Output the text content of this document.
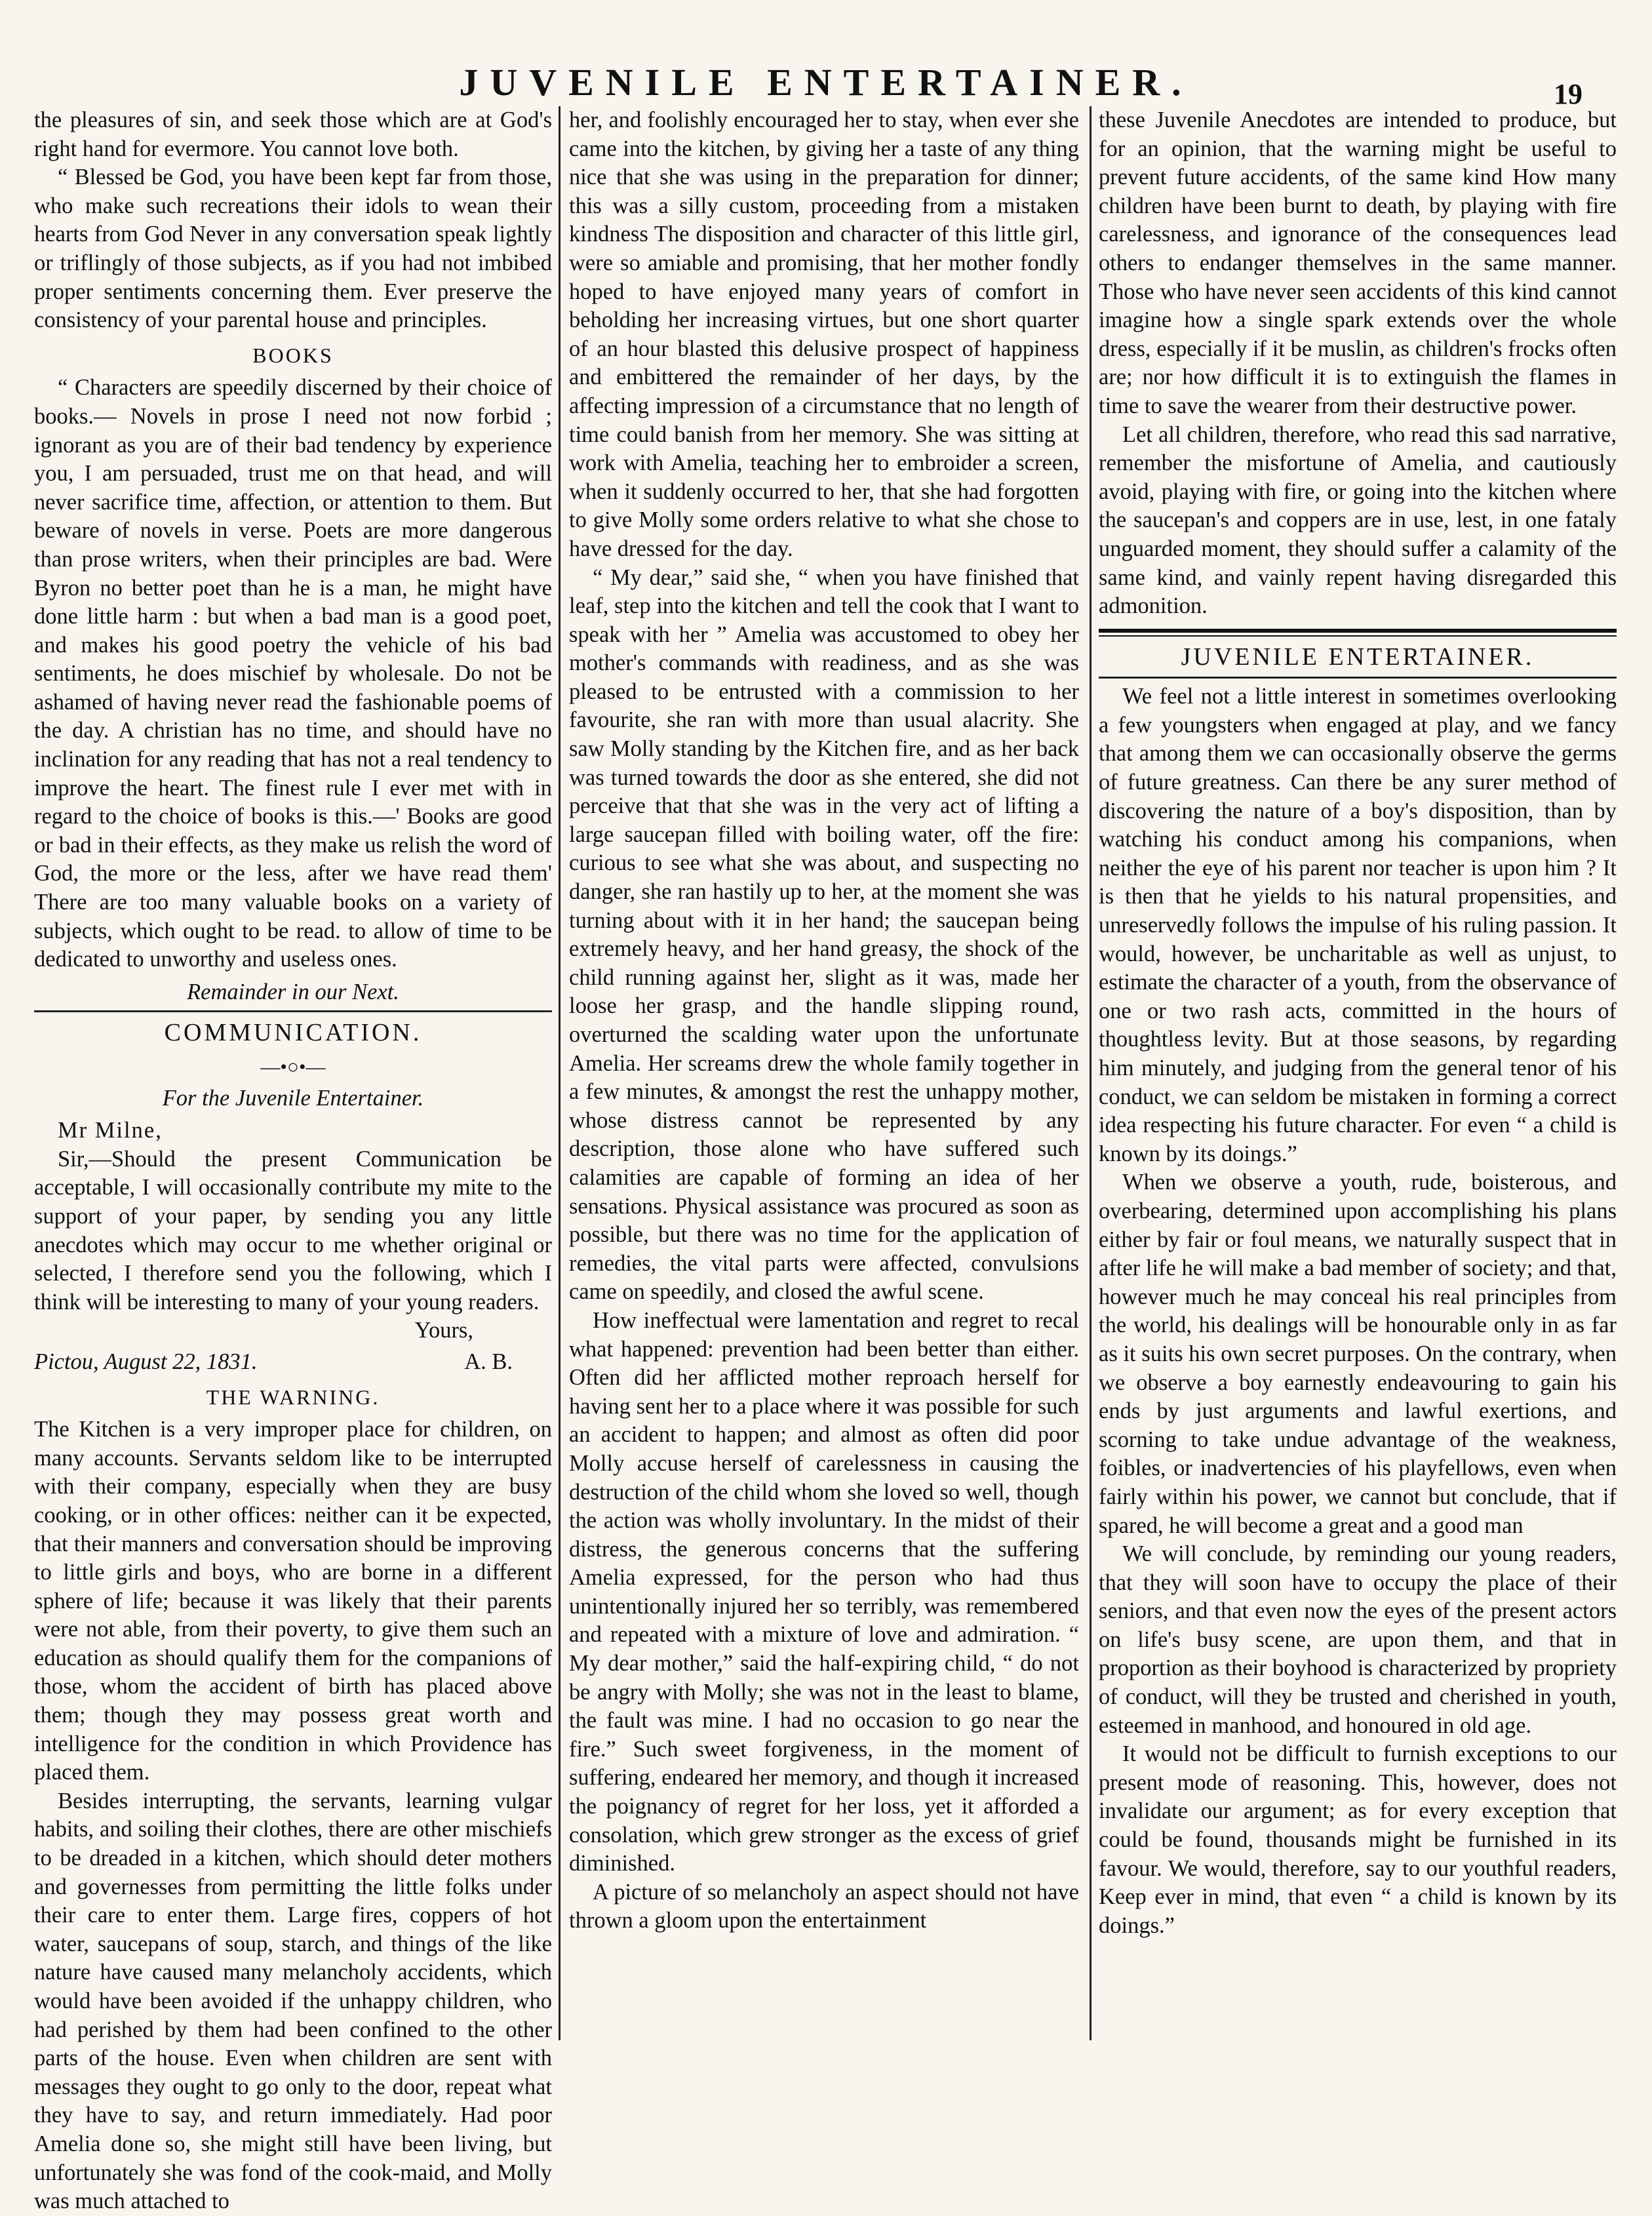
JUVENILE ENTERTAINER.	19

the pleasures of sin, and seek those which are at God's right hand for evermore. You cannot love both.

“ Blessed be God, you have been kept far from those, who make such recreations their idols to wean their hearts from God Never in any conversation speak lightly or triflingly of those subjects, as if you had not imbibed proper sentiments concerning them. Ever preserve the consistency of your parental house and principles.

BOOKS

“ Characters are speedily discerned by their choice of books.— Novels in prose I need not now forbid ; ignorant as you are of their bad tendency by experience you, I am persuaded, trust me on that head, and will never sacrifice time, affection, or attention to them. But beware of novels in verse. Poets are more dangerous than prose writers, when their principles are bad. Were Byron no better poet than he is a man, he might have done little harm : but when a bad man is a good poet, and makes his good poetry the vehicle of his bad sentiments, he does mischief by wholesale. Do not be ashamed of having never read the fashionable poems of the day. A christian has no time, and should have no inclination for any reading that has not a real tendency to improve the heart. The finest rule I ever met with in regard to the choice of books is this.—' Books are good or bad in their effects, as they make us relish the word of God, the more or the less, after we have read them' There are too many valuable books on a variety of subjects, which ought to be read. to allow of time to be dedicated to unworthy and useless ones.

Remainder in our Next.
COMMUNICATION.
—•○•—
For the Juvenile Entertainer.

Mr Milne,

Sir,—Should the present Communication be acceptable, I will occasionally contribute my mite to the support of your paper, by sending you any little anecdotes which may occur to me whether original or selected, I therefore send you the following, which I think will be interesting to many of your young readers.

Yours,

Pictou, August 22, 1831.	A. B.
THE WARNING.

The Kitchen is a very improper place for children, on many accounts. Servants seldom like to be interrupted with their company, especially when they are busy cooking, or in other offices: neither can it be expected, that their manners and conversation should be improving to little girls and boys, who are borne in a different sphere of life; because it was likely that their parents were not able, from their poverty, to give them such an education as should qualify them for the companions of those, whom the accident of birth has placed above them; though they may possess great worth and intelligence for the condition in which Providence has placed them.

Besides interrupting, the servants, learning vulgar habits, and soiling their clothes, there are other mischiefs to be dreaded in a kitchen, which should deter mothers and governesses from permitting the little folks under their care to enter them. Large fires, coppers of hot water, saucepans of soup, starch, and things of the like nature have caused many melancholy accidents, which would have been avoided if the unhappy children, who had perished by them had been confined to the other parts of the house. Even when children are sent with messages they ought to go only to the door, repeat what they have to say, and return immediately. Had poor Amelia done so, she might still have been living, but unfortunately she was fond of the cook-maid, and Molly was much attached to

her, and foolishly encouraged her to stay, when ever she came into the kitchen, by giving her a taste of any thing nice that she was using in the preparation for dinner; this was a silly custom, proceeding from a mistaken kindness The disposition and character of this little girl, were so amiable and promising, that her mother fondly hoped to have enjoyed many years of comfort in beholding her increasing virtues, but one short quarter of an hour blasted this delusive prospect of happiness and embittered the remainder of her days, by the affecting impression of a circumstance that no length of time could banish from her memory. She was sitting at work with Amelia, teaching her to embroider a screen, when it suddenly occurred to her, that she had forgotten to give Molly some orders relative to what she chose to have dressed for the day.

“ My dear,” said she, “ when you have finished that leaf, step into the kitchen and tell the cook that I want to speak with her ” Amelia was accustomed to obey her mother's commands with readiness, and as she was pleased to be entrusted with a commission to her favourite, she ran with more than usual alacrity. She saw Molly standing by the Kitchen fire, and as her back was turned towards the door as she entered, she did not perceive that that she was in the very act of lifting a large saucepan filled with boiling water, off the fire: curious to see what she was about, and suspecting no danger, she ran hastily up to her, at the moment she was turning about with it in her hand; the saucepan being extremely heavy, and her hand greasy, the shock of the child running against her, slight as it was, made her loose her grasp, and the handle slipping round, overturned the scalding water upon the unfortunate Amelia. Her screams drew the whole family together in a few minutes, & amongst the rest the unhappy mother, whose distress cannot be represented by any description, those alone who have suffered such calamities are capable of forming an idea of her sensations. Physical assistance was procured as soon as possible, but there was no time for the application of remedies, the vital parts were affected, convulsions came on speedily, and closed the awful scene.

How ineffectual were lamentation and regret to recal what happened: prevention had been better than either. Often did her afflicted mother reproach herself for having sent her to a place where it was possible for such an accident to happen; and almost as often did poor Molly accuse herself of carelessness in causing the destruction of the child whom she loved so well, though the action was wholly involuntary. In the midst of their distress, the generous concerns that the suffering Amelia expressed, for the person who had thus unintentionally injured her so terribly, was remembered and repeated with a mixture of love and admiration. “ My dear mother,” said the half-expiring child, “ do not be angry with Molly; she was not in the least to blame, the fault was mine. I had no occasion to go near the fire.” Such sweet forgiveness, in the moment of suffering, endeared her memory, and though it increased the poignancy of regret for her loss, yet it afforded a consolation, which grew stronger as the excess of grief diminished.

A picture of so melancholy an aspect should not have thrown a gloom upon the entertainment

these Juvenile Anecdotes are intended to produce, but for an opinion, that the warning might be useful to prevent future accidents, of the same kind How many children have been burnt to death, by playing with fire carelessness, and ignorance of the consequences lead others to endanger themselves in the same manner. Those who have never seen accidents of this kind cannot imagine how a single spark extends over the whole dress, especially if it be muslin, as children's frocks often are; nor how difficult it is to extinguish the flames in time to save the wearer from their destructive power.

Let all children, therefore, who read this sad narrative, remember the misfortune of Amelia, and cautiously avoid, playing with fire, or going into the kitchen where the saucepan's and coppers are in use, lest, in one fataly unguarded moment, they should suffer a calamity of the same kind, and vainly repent having disregarded this admonition.

JUVENILE ENTERTAINER.

We feel not a little interest in sometimes overlooking a few youngsters when engaged at play, and we fancy that among them we can occasionally observe the germs of future greatness. Can there be any surer method of discovering the nature of a boy's disposition, than by watching his conduct among his companions, when neither the eye of his parent nor teacher is upon him ? It is then that he yields to his natural propensities, and unreservedly follows the impulse of his ruling passion. It would, however, be uncharitable as well as unjust, to estimate the character of a youth, from the observance of one or two rash acts, committed in the hours of thoughtless levity. But at those seasons, by regarding him minutely, and judging from the general tenor of his conduct, we can seldom be mistaken in forming a correct idea respecting his future character. For even “ a child is known by its doings.”

When we observe a youth, rude, boisterous, and overbearing, determined upon accomplishing his plans either by fair or foul means, we naturally suspect that in after life he will make a bad member of society; and that, however much he may conceal his real principles from the world, his dealings will be honourable only in as far as it suits his own secret purposes. On the contrary, when we observe a boy earnestly endeavouring to gain his ends by just arguments and lawful exertions, and scorning to take undue advantage of the weakness, foibles, or inadvertencies of his playfellows, even when fairly within his power, we cannot but conclude, that if spared, he will become a great and a good man

We will conclude, by reminding our young readers, that they will soon have to occupy the place of their seniors, and that even now the eyes of the present actors on life's busy scene, are upon them, and that in proportion as their boyhood is characterized by propriety of conduct, will they be trusted and cherished in youth, esteemed in manhood, and honoured in old age.

It would not be difficult to furnish exceptions to our present mode of reasoning. This, however, does not invalidate our argument; as for every exception that could be found, thousands might be furnished in its favour. We would, therefore, say to our youthful readers, Keep ever in mind, that even “ a child is known by its doings.”
